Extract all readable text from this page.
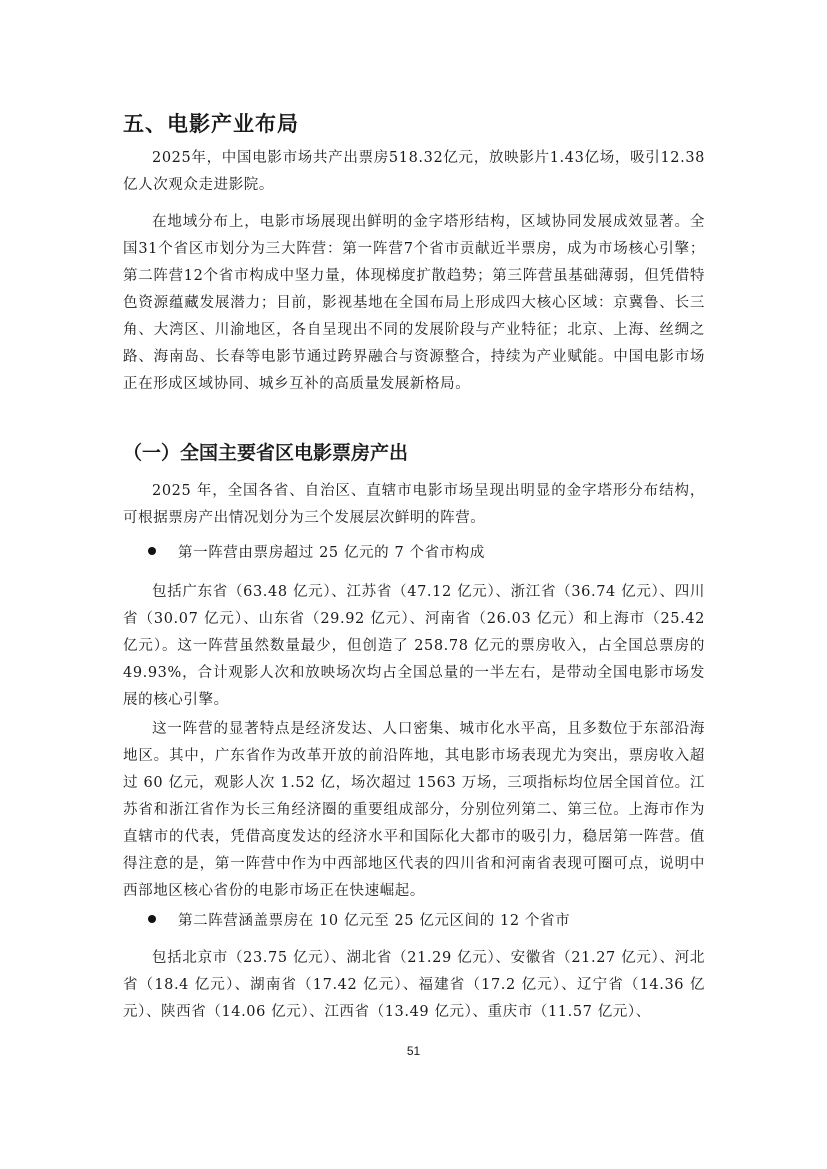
五、电影产业布局

2025年，中国电影市场共产出票房518.32亿元，放映影片1.43亿场，吸引12.38亿人次观众走进影院。

在地域分布上，电影市场展现出鲜明的金字塔形结构，区域协同发展成效显著。全国31个省区市划分为三大阵营：第一阵营7个省市贡献近半票房，成为市场核心引擎；第二阵营12个省市构成中坚力量，体现梯度扩散趋势；第三阵营虽基础薄弱，但凭借特色资源蕴藏发展潜力；目前，影视基地在全国布局上形成四大核心区域：京冀鲁、长三角、大湾区、川渝地区，各自呈现出不同的发展阶段与产业特征；北京、上海、丝绸之路、海南岛、长春等电影节通过跨界融合与资源整合，持续为产业赋能。中国电影市场正在形成区域协同、城乡互补的高质量发展新格局。

（一）全国主要省区电影票房产出

2025 年，全国各省、自治区、直辖市电影市场呈现出明显的金字塔形分布结构，可根据票房产出情况划分为三个发展层次鲜明的阵营。

第一阵营由票房超过 25 亿元的 7 个省市构成

包括广东省（63.48 亿元）、江苏省（47.12 亿元）、浙江省（36.74 亿元）、四川省（30.07 亿元）、山东省（29.92 亿元）、河南省（26.03 亿元）和上海市（25.42 亿元）。这一阵营虽然数量最少，但创造了 258.78 亿元的票房收入，占全国总票房的 49.93%，合计观影人次和放映场次均占全国总量的一半左右，是带动全国电影市场发展的核心引擎。

这一阵营的显著特点是经济发达、人口密集、城市化水平高，且多数位于东部沿海地区。其中，广东省作为改革开放的前沿阵地，其电影市场表现尤为突出，票房收入超过 60 亿元，观影人次 1.52 亿，场次超过 1563 万场，三项指标均位居全国首位。江苏省和浙江省作为长三角经济圈的重要组成部分，分别位列第二、第三位。上海市作为直辖市的代表，凭借高度发达的经济水平和国际化大都市的吸引力，稳居第一阵营。值得注意的是，第一阵营中作为中西部地区代表的四川省和河南省表现可圈可点，说明中西部地区核心省份的电影市场正在快速崛起。

第二阵营涵盖票房在 10 亿元至 25 亿元区间的 12 个省市

包括北京市（23.75 亿元）、湖北省（21.29 亿元）、安徽省（21.27 亿元）、河北省（18.4 亿元）、湖南省（17.42 亿元）、福建省（17.2 亿元）、辽宁省（14.36 亿元）、陕西省（14.06 亿元）、江西省（13.49 亿元）、重庆市（11.57 亿元）、

51
